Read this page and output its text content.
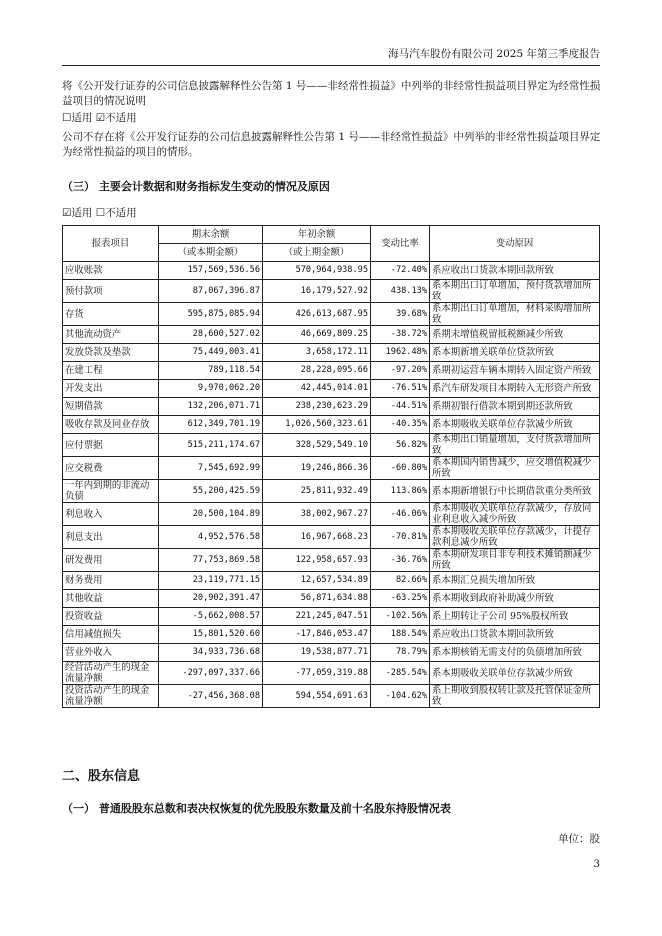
海马汽车股份有限公司 2025 年第三季度报告
将《公开发行证券的公司信息披露解释性公告第 1 号——非经常性损益》中列举的非经常性损益项目界定为经常性损益项目的情况说明
☐适用 ☑不适用
公司不存在将《公开发行证券的公司信息披露解释性公告第 1 号——非经常性损益》中列举的非经常性损益项目界定为经常性损益的项目的情形。
（三） 主要会计数据和财务指标发生变动的情况及原因
☑适用 ☐不适用
报表项目	期末余额	年初余额	变动比率	变动原因
	（或本期金额）	（或上期金额）		
应收账款	157,569,536.56	570,964,938.95	-72.40%	系应收出口货款本期回款所致
预付款项	87,067,396.87	16,179,527.92	438.13%	系本期出口订单增加，预付货款增加所致
存货	595,875,085.94	426,613,687.95	39.68%	系本期出口订单增加，材料采购增加所致
其他流动资产	28,600,527.02	46,669,809.25	-38.72%	系期末增值税留抵税额减少所致
发放贷款及垫款	75,449,003.41	3,658,172.11	1962.48%	系本期新增关联单位贷款所致
在建工程	789,118.54	28,228,095.66	-97.20%	系期初运营车辆本期转入固定资产所致
开发支出	9,970,062.20	42,445,014.01	-76.51%	系汽车研发项目本期转入无形资产所致
短期借款	132,206,071.71	238,230,623.29	-44.51%	系期初银行借款本期到期还款所致
吸收存款及同业存放	612,349,701.19	1,026,560,323.61	-40.35%	系本期吸收关联单位存款减少所致
应付票据	515,211,174.67	328,529,549.10	56.82%	系本期出口销量增加，支付货款增加所致
应交税费	7,545,692.99	19,246,866.36	-60.80%	系本期国内销售减少，应交增值税减少所致
一年内到期的非流动负债	55,200,425.59	25,811,932.49	113.86%	系本期新增银行中长期借款重分类所致
利息收入	20,500,104.89	38,002,967.27	-46.06%	系本期吸收关联单位存款减少，存放同业利息收入减少所致
利息支出	4,952,576.58	16,967,668.23	-70.81%	系本期吸收关联单位存款减少，计提存款利息减少所致
研发费用	77,753,869.58	122,958,657.93	-36.76%	系本期研发项目非专利技术摊销额减少所致
财务费用	23,119,771.15	12,657,534.89	82.66%	系本期汇兑损失增加所致
其他收益	20,902,391.47	56,871,634.88	-63.25%	系本期收到政府补助减少所致
投资收益	-5,662,008.57	221,245,047.51	-102.56%	系上期转让子公司 95%股权所致
信用减值损失	15,801,520.60	-17,846,053.47	188.54%	系应收出口货款本期回款所致
营业外收入	34,933,736.68	19,538,877.71	78.79%	系本期核销无需支付的负债增加所致
经营活动产生的现金流量净额	-297,097,337.66	-77,059,319.88	-285.54%	系本期吸收关联单位存款减少所致
投资活动产生的现金流量净额	-27,456,368.08	594,554,691.63	-104.62%	系上期收到股权转让款及托管保证金所致
二、股东信息
（一） 普通股股东总数和表决权恢复的优先股股东数量及前十名股东持股情况表
单位：股
3
